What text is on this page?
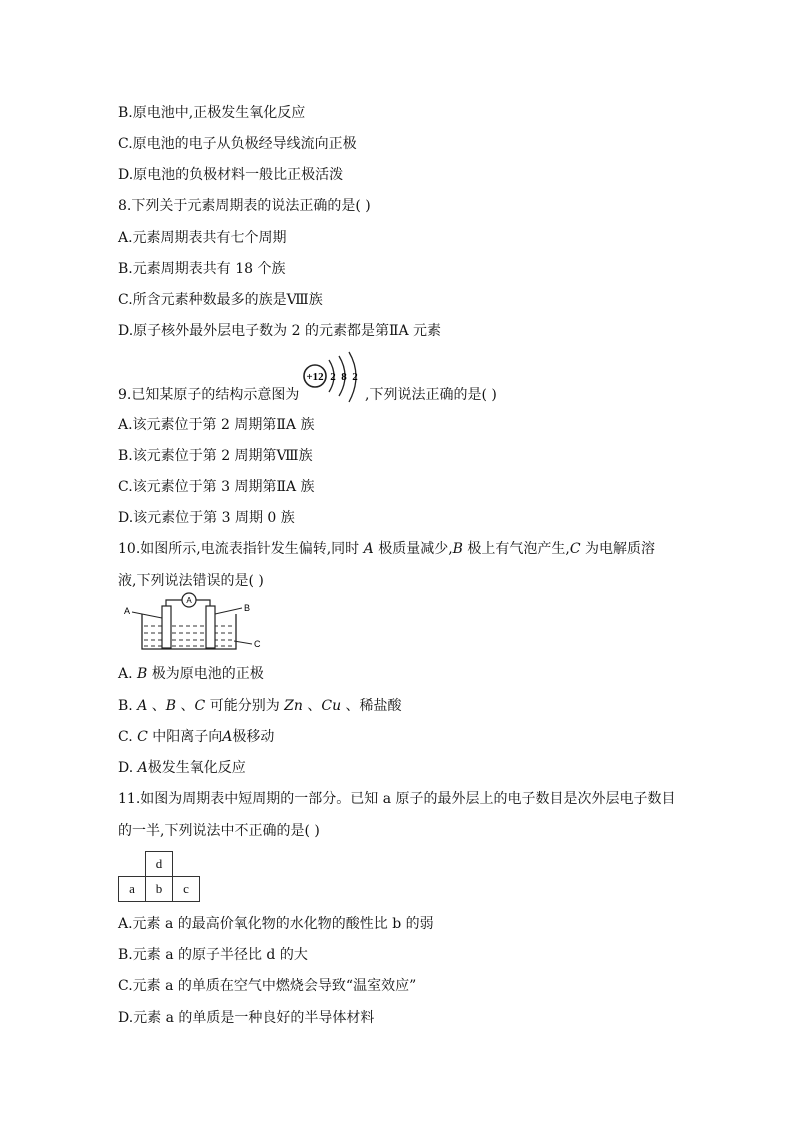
B.原电池中,正极发生氧化反应
C.原电池的电子从负极经导线流向正极
D.原电池的负极材料一般比正极活泼
8.下列关于元素周期表的说法正确的是( )
A.元素周期表共有七个周期
B.元素周期表共有 18 个族
C.所含元素种数最多的族是Ⅷ族
D.原子核外最外层电子数为 2 的元素都是第ⅡA 元素
9.已知某原子的结构示意图为
+12 2 8 2
,下列说法正确的是( )
A.该元素位于第 2 周期第ⅡA 族
B.该元素位于第 2 周期第Ⅷ族
C.该元素位于第 3 周期第ⅡA 族
D.该元素位于第 3 周期 0 族
10.如图所示,电流表指针发生偏转,同时 A 极质量减少,B 极上有气泡产生,C 为电解质溶
液,下列说法错误的是( )
A
A	B
C
A. B 极为原电池的正极
B. A 、B 、C 可能分别为 Zn 、Cu 、稀盐酸
C. C 中阳离子向A极移动
D. A极发生氧化反应
11.如图为周期表中短周期的一部分。已知 a 原子的最外层上的电子数目是次外层电子数目
的一半,下列说法中不正确的是( )
	d	
a	b	c
A.元素 a 的最高价氧化物的水化物的酸性比 b 的弱
B.元素 a 的原子半径比 d 的大
C.元素 a 的单质在空气中燃烧会导致“温室效应”
D.元素 a 的单质是一种良好的半导体材料
